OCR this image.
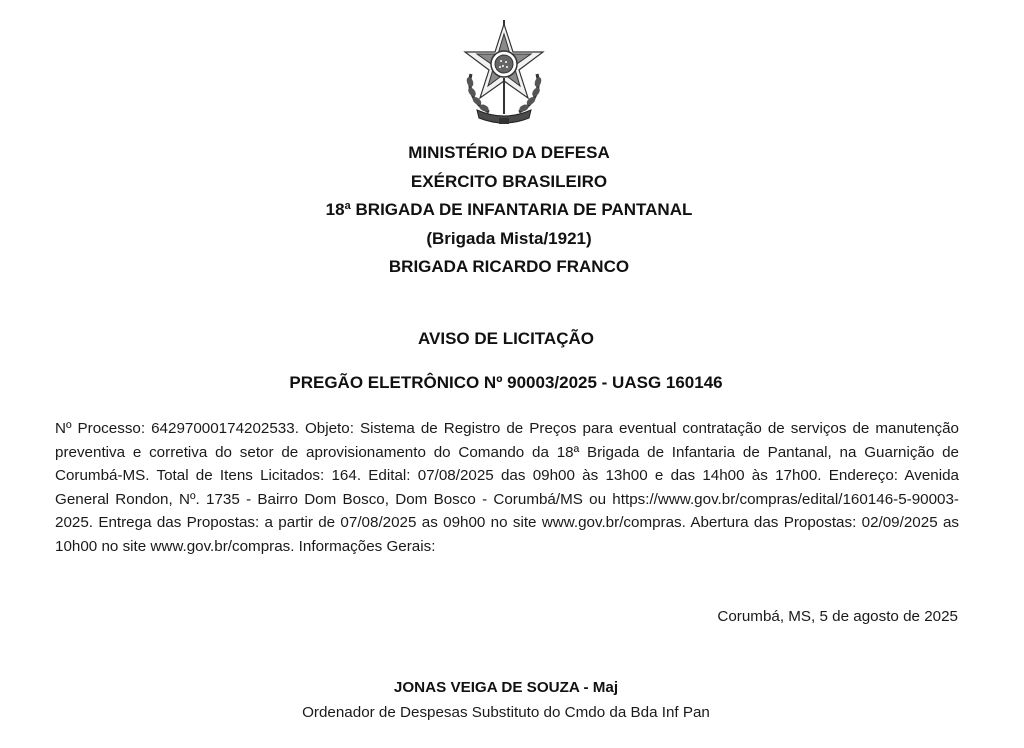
MINISTÉRIO DA DEFESA
EXÉRCITO BRASILEIRO
18ª BRIGADA DE INFANTARIA DE PANTANAL
(Brigada Mista/1921)
BRIGADA RICARDO FRANCO
AVISO DE LICITAÇÃO
PREGÃO ELETRÔNICO Nº 90003/2025 - UASG 160146
Nº Processo: 64297000174202533. Objeto: Sistema de Registro de Preços para eventual contratação de serviços de manutenção preventiva e corretiva do setor de aprovisionamento do Comando da 18ª Brigada de Infantaria de Pantanal, na Guarnição de Corumbá-MS. Total de Itens Licitados: 164. Edital: 07/08/2025 das 09h00 às 13h00 e das 14h00 às 17h00. Endereço: Avenida General Rondon, Nº. 1735 - Bairro Dom Bosco, Dom Bosco - Corumbá/MS ou https://www.gov.br/compras/edital/160146-5-90003-2025. Entrega das Propostas: a partir de 07/08/2025 as 09h00 no site www.gov.br/compras. Abertura das Propostas: 02/09/2025 as 10h00 no site www.gov.br/compras. Informações Gerais:
Corumbá, MS, 5 de agosto de 2025
JONAS VEIGA DE SOUZA - Maj
Ordenador de Despesas Substituto do Cmdo da Bda Inf Pan
